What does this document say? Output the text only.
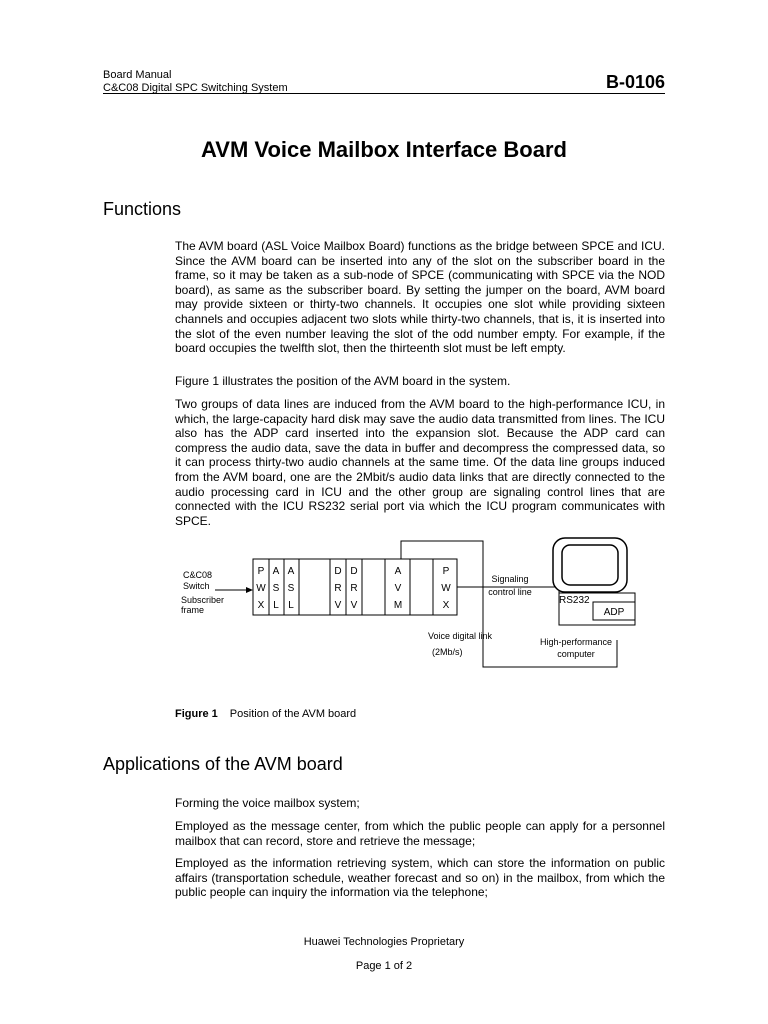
Board Manual
C&C08 Digital SPC Switching System	B-0106
AVM Voice Mailbox Interface Board
Functions

The AVM board (ASL Voice Mailbox Board) functions as the bridge between SPCE and ICU. Since the AVM board can be inserted into any of the slot on the subscriber board in the frame, so it may be taken as a sub-node of SPCE (communicating with SPCE via the NOD board), as same as the subscriber board. By setting the jumper on the board, AVM board may provide sixteen or thirty-two channels. It occupies one slot while providing sixteen channels and occupies adjacent two slots while thirty-two channels, that is, it is inserted into the slot of the even number leaving the slot of the odd number empty. For example, if the board occupies the twelfth slot, then the thirteenth slot must be left empty.

Figure 1 illustrates the position of the AVM board in the system.

Two groups of data lines are induced from the AVM board to the high-performance ICU, in which, the large-capacity hard disk may save the audio data transmitted from lines. The ICU also has the ADP card inserted into the expansion slot. Because the ADP card can compress the audio data, save the data in buffer and decompress the compressed data, so it can process thirty-two audio channels at the same time. Of the data line groups induced from the AVM board, one are the 2Mbit/s audio data links that are directly connected to the audio processing card in ICU and the other group are signaling control lines that are connected with the ICU RS232 serial port via which the ICU program communicates with SPCE.

C&C08
Switch
Subscriber
frame
P
W
X
A
S
L
A
S
L
D
R
V
D
R
V
A
V
M
P
W
X
Signaling
control line
RS232
ADP
Voice digital link
(2Mb/s)
High-performance
computer
Figure 1 Position of the AVM board
Applications of the AVM board

Forming the voice mailbox system;

Employed as the message center, from which the public people can apply for a personnel mailbox that can record, store and retrieve the message;

Employed as the information retrieving system, which can store the information on public affairs (transportation schedule, weather forecast and so on) in the mailbox, from which the public people can inquiry the information via the telephone;

Huawei Technologies Proprietary
Page 1 of 2
